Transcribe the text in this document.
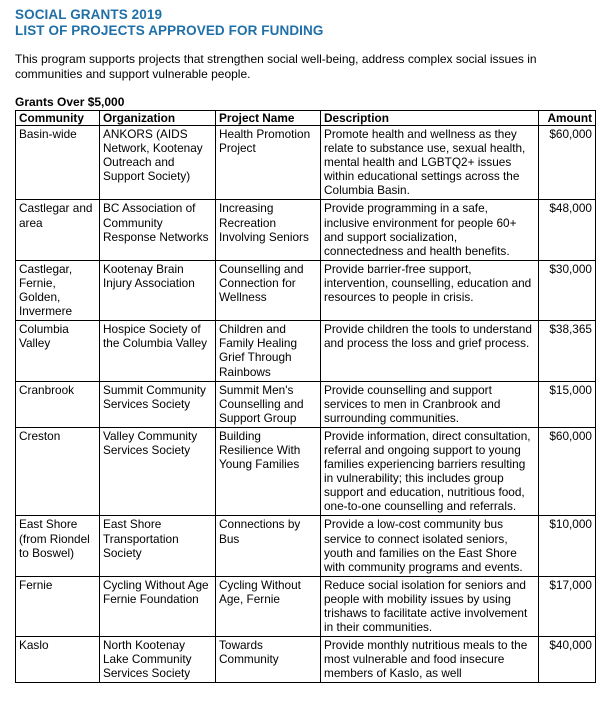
SOCIAL GRANTS 2019
LIST OF PROJECTS APPROVED FOR FUNDING
This program supports projects that strengthen social well-being, address complex social issues in communities and support vulnerable people.
Grants Over $5,000
Community	Organization	Project Name	Description	Amount
Basin-wide	ANKORS (AIDS Network, Kootenay Outreach and Support Society)	Health Promotion Project	Promote health and wellness as they relate to substance use, sexual health, mental health and LGBTQ2+ issues within educational settings across the Columbia Basin.	$60,000
Castlegar and area	BC Association of Community Response Networks	Increasing Recreation Involving Seniors	Provide programming in a safe, inclusive environment for people 60+ and support socialization, connectedness and health benefits.	$48,000
Castlegar, Fernie, Golden, Invermere	Kootenay Brain Injury Association	Counselling and Connection for Wellness	Provide barrier-free support, intervention, counselling, education and resources to people in crisis.	$30,000
Columbia Valley	Hospice Society of the Columbia Valley	Children and Family Healing Grief Through Rainbows	Provide children the tools to understand and process the loss and grief process.	$38,365
Cranbrook	Summit Community Services Society	Summit Men's Counselling and Support Group	Provide counselling and support services to men in Cranbrook and surrounding communities.	$15,000
Creston	Valley Community Services Society	Building Resilience With Young Families	Provide information, direct consultation, referral and ongoing support to young families experiencing barriers resulting in vulnerability; this includes group support and education, nutritious food, one-to-one counselling and referrals.	$60,000
East Shore (from Riondel to Boswel)	East Shore Transportation Society	Connections by Bus	Provide a low-cost community bus service to connect isolated seniors, youth and families on the East Shore with community programs and events.	$10,000
Fernie	Cycling Without Age Fernie Foundation	Cycling Without Age, Fernie	Reduce social isolation for seniors and people with mobility issues by using trishaws to facilitate active involvement in their communities.	$17,000
Kaslo	North Kootenay Lake Community Services Society	Towards Community	Provide monthly nutritious meals to the most vulnerable and food insecure members of Kaslo, as well	$40,000
